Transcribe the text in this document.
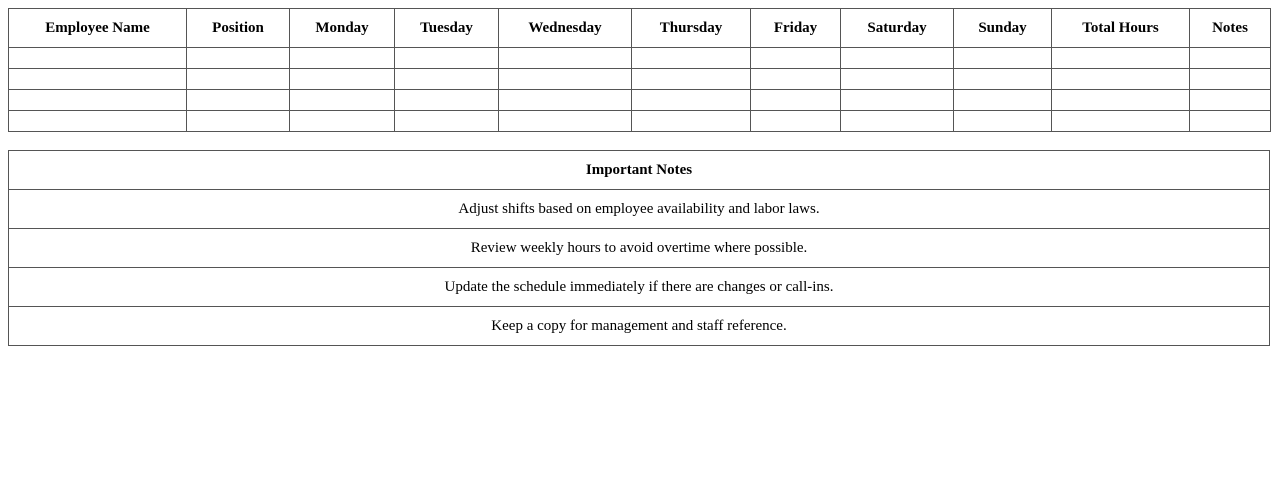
Employee Name	Position	Monday	Tuesday	Wednesday	Thursday	Friday	Saturday	Sunday	Total Hours	Notes

Important Notes
Adjust shifts based on employee availability and labor laws.
Review weekly hours to avoid overtime where possible.
Update the schedule immediately if there are changes or call-ins.
Keep a copy for management and staff reference.
